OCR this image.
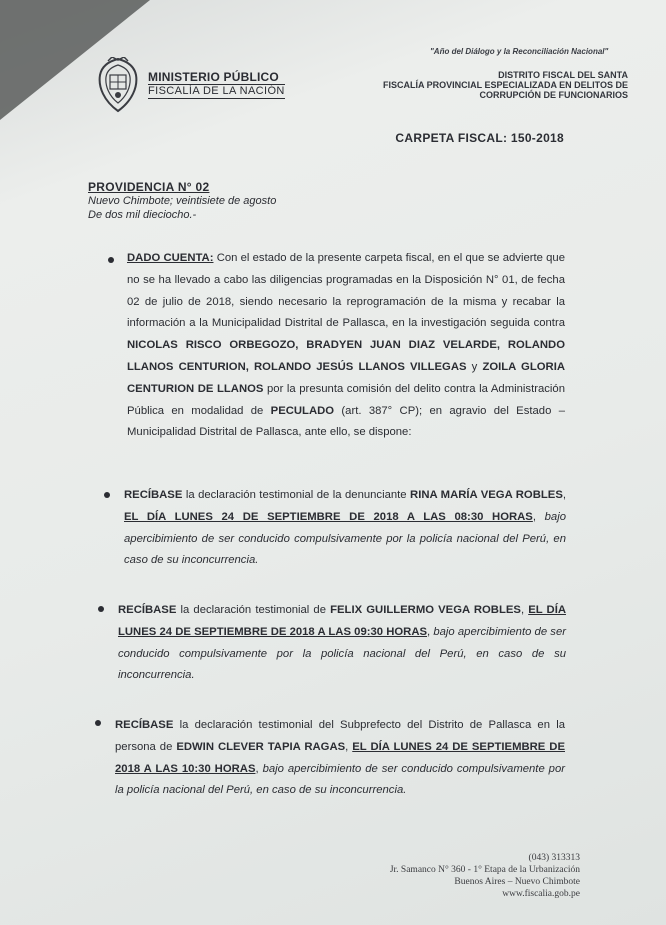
"Año del Diálogo y la Reconciliación Nacional"
MINISTERIO PÚBLICO
FISCALÍA DE LA NACIÓN
DISTRITO FISCAL DEL SANTA
FISCALÍA PROVINCIAL ESPECIALIZADA EN DELITOS DE
CORRUPCIÓN DE FUNCIONARIOS
CARPETA FISCAL: 150-2018
PROVIDENCIA N° 02
Nuevo Chimbote; veintisiete de agosto
De dos mil dieciocho.-
DADO CUENTA: Con el estado de la presente carpeta fiscal, en el que se advierte que no se ha llevado a cabo las diligencias programadas en la Disposición N° 01, de fecha 02 de julio de 2018, siendo necesario la reprogramación de la misma y recabar la información a la Municipalidad Distrital de Pallasca, en la investigación seguida contra NICOLAS RISCO ORBEGOZO, BRADYEN JUAN DIAZ VELARDE, ROLANDO LLANOS CENTURION, ROLANDO JESÚS LLANOS VILLEGAS y ZOILA GLORIA CENTURION DE LLANOS por la presunta comisión del delito contra la Administración Pública en modalidad de PECULADO (art. 387° CP); en agravio del Estado – Municipalidad Distrital de Pallasca, ante ello, se dispone:
RECÍBASE la declaración testimonial de la denunciante RINA MARÍA VEGA ROBLES, EL DÍA LUNES 24 DE SEPTIEMBRE DE 2018 A LAS 08:30 HORAS, bajo apercibimiento de ser conducido compulsivamente por la policía nacional del Perú, en caso de su inconcurrencia.
RECÍBASE la declaración testimonial de FELIX GUILLERMO VEGA ROBLES, EL DÍA LUNES 24 DE SEPTIEMBRE DE 2018 A LAS 09:30 HORAS, bajo apercibimiento de ser conducido compulsivamente por la policía nacional del Perú, en caso de su inconcurrencia.
RECÍBASE la declaración testimonial del Subprefecto del Distrito de Pallasca en la persona de EDWIN CLEVER TAPIA RAGAS, EL DÍA LUNES 24 DE SEPTIEMBRE DE 2018 A LAS 10:30 HORAS, bajo apercibimiento de ser conducido compulsivamente por la policía nacional del Perú, en caso de su inconcurrencia.
(043) 313313
Jr. Samanco N° 360 - 1° Etapa de la Urbanización
Buenos Aires – Nuevo Chimbote
www.fiscalia.gob.pe
